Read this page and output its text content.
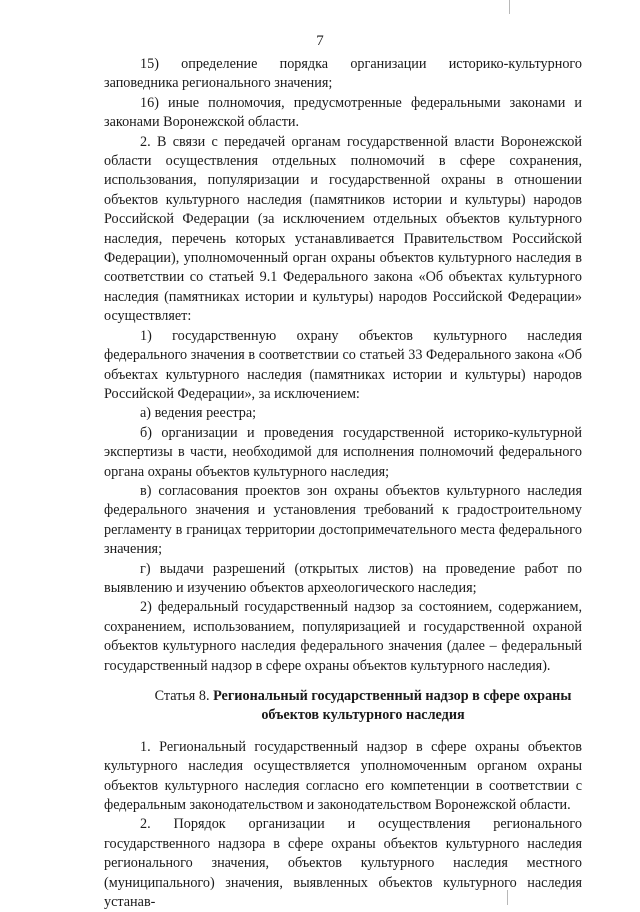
7

15) определение порядка организации историко-культурного заповедника регионального значения;

16) иные полномочия, предусмотренные федеральными законами и законами Воронежской области.

2. В связи с передачей органам государственной власти Воронежской области осуществления отдельных полномочий в сфере сохранения, использования, популяризации и государственной охраны в отношении объектов культурного наследия (памятников истории и культуры) народов Российской Федерации (за исключением отдельных объектов культурного наследия, перечень которых устанавливается Правительством Российской Федерации), уполномоченный орган охраны объектов культурного наследия в соответствии со статьей 9.1 Федерального закона «Об объектах культурного наследия (памятниках истории и культуры) народов Российской Федерации» осуществляет:

1) государственную охрану объектов культурного наследия федерального значения в соответствии со статьей 33 Федерального закона «Об объектах культурного наследия (памятниках истории и культуры) народов Российской Федерации», за исключением:

а) ведения реестра;

б) организации и проведения государственной историко-культурной экспертизы в части, необходимой для исполнения полномочий федерального органа охраны объектов культурного наследия;

в) согласования проектов зон охраны объектов культурного наследия федерального значения и установления требований к градостроительному регламенту в границах территории достопримечательного места федерального значения;

г) выдачи разрешений (открытых листов) на проведение работ по выявлению и изучению объектов археологического наследия;

2) федеральный государственный надзор за состоянием, содержанием, сохранением, использованием, популяризацией и государственной охраной объектов культурного наследия федерального значения (далее – федеральный государственный надзор в сфере охраны объектов культурного наследия).

Статья 8. Региональный государственный надзор в сфере охраны
объектов культурного наследия

1. Региональный государственный надзор в сфере охраны объектов культурного наследия осуществляется уполномоченным органом охраны объектов культурного наследия согласно его компетенции в соответствии с федеральным законодательством и законодательством Воронежской области.

2. Порядок организации и осуществления регионального государственного надзора в сфере охраны объектов культурного наследия регионального значения, объектов культурного наследия местного (муниципального) значения, выявленных объектов культурного наследия устанав-
